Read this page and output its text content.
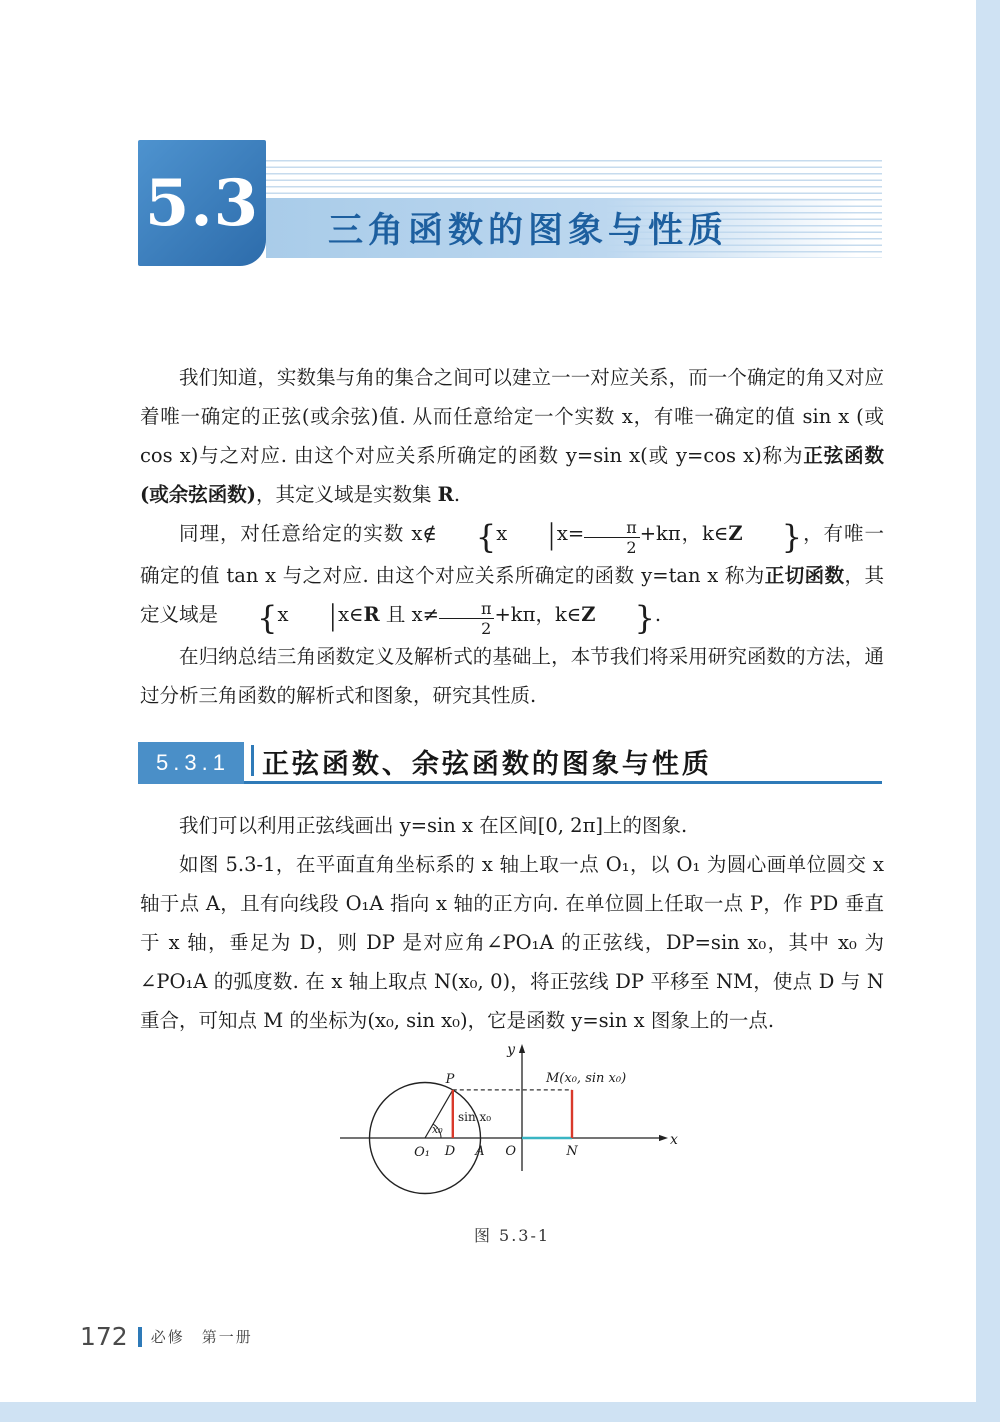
5.3 三角函数的图象与性质

我们知道，实数集与角的集合之间可以建立一一对应关系，而一个确定的角又对应着唯一确定的正弦(或余弦)值. 从而任意给定一个实数 x，有唯一确定的值 sin x (或 cos x)与之对应. 由这个对应关系所确定的函数 y=sin x(或 y=cos x)称为正弦函数(或余弦函数)，其定义域是实数集 R.

同理，对任意给定的实数 x∉ {x | $x= \frac{\pi}{2} +k\pi$，k∈Z }，有唯一确定的值 tan x 与之对应. 由这个对应关系所确定的函数 y=tan x 称为正切函数，其定义域是 {x | x∈R 且 $x\ne \frac{\pi}{2} +k\pi$，k∈Z }.

在归纳总结三角函数定义及解析式的基础上，本节我们将采用研究函数的方法，通过分析三角函数的解析式和图象，研究其性质.

5.3.1 正弦函数、余弦函数的图象与性质

我们可以利用正弦线画出 y=sin x 在区间[0, 2π]上的图象.

如图 5.3-1，在平面直角坐标系的 x 轴上取一点 O₁，以 O₁ 为圆心画单位圆交 x 轴于点 A，且有向线段 O₁A 指向 x 轴的正方向. 在单位圆上任取一点 P，作 PD 垂直于 x 轴，垂足为 D，则 DP 是对应角∠PO₁A 的正弦线，DP=sin x₀，其中 x₀ 为∠PO₁A 的弧度数. 在 x 轴上取点 N(x₀, 0)，将正弦线 DP 平移至 NM，使点 D 与 N 重合，可知点 M 的坐标为(x₀, sin x₀)，它是函数 y=sin x 图象上的一点.

y
x
O
O₁
P
D A	N
M(x₀, sin x₀)
sin x₀
x₀
图 5.3-1
172 必修　第一册
